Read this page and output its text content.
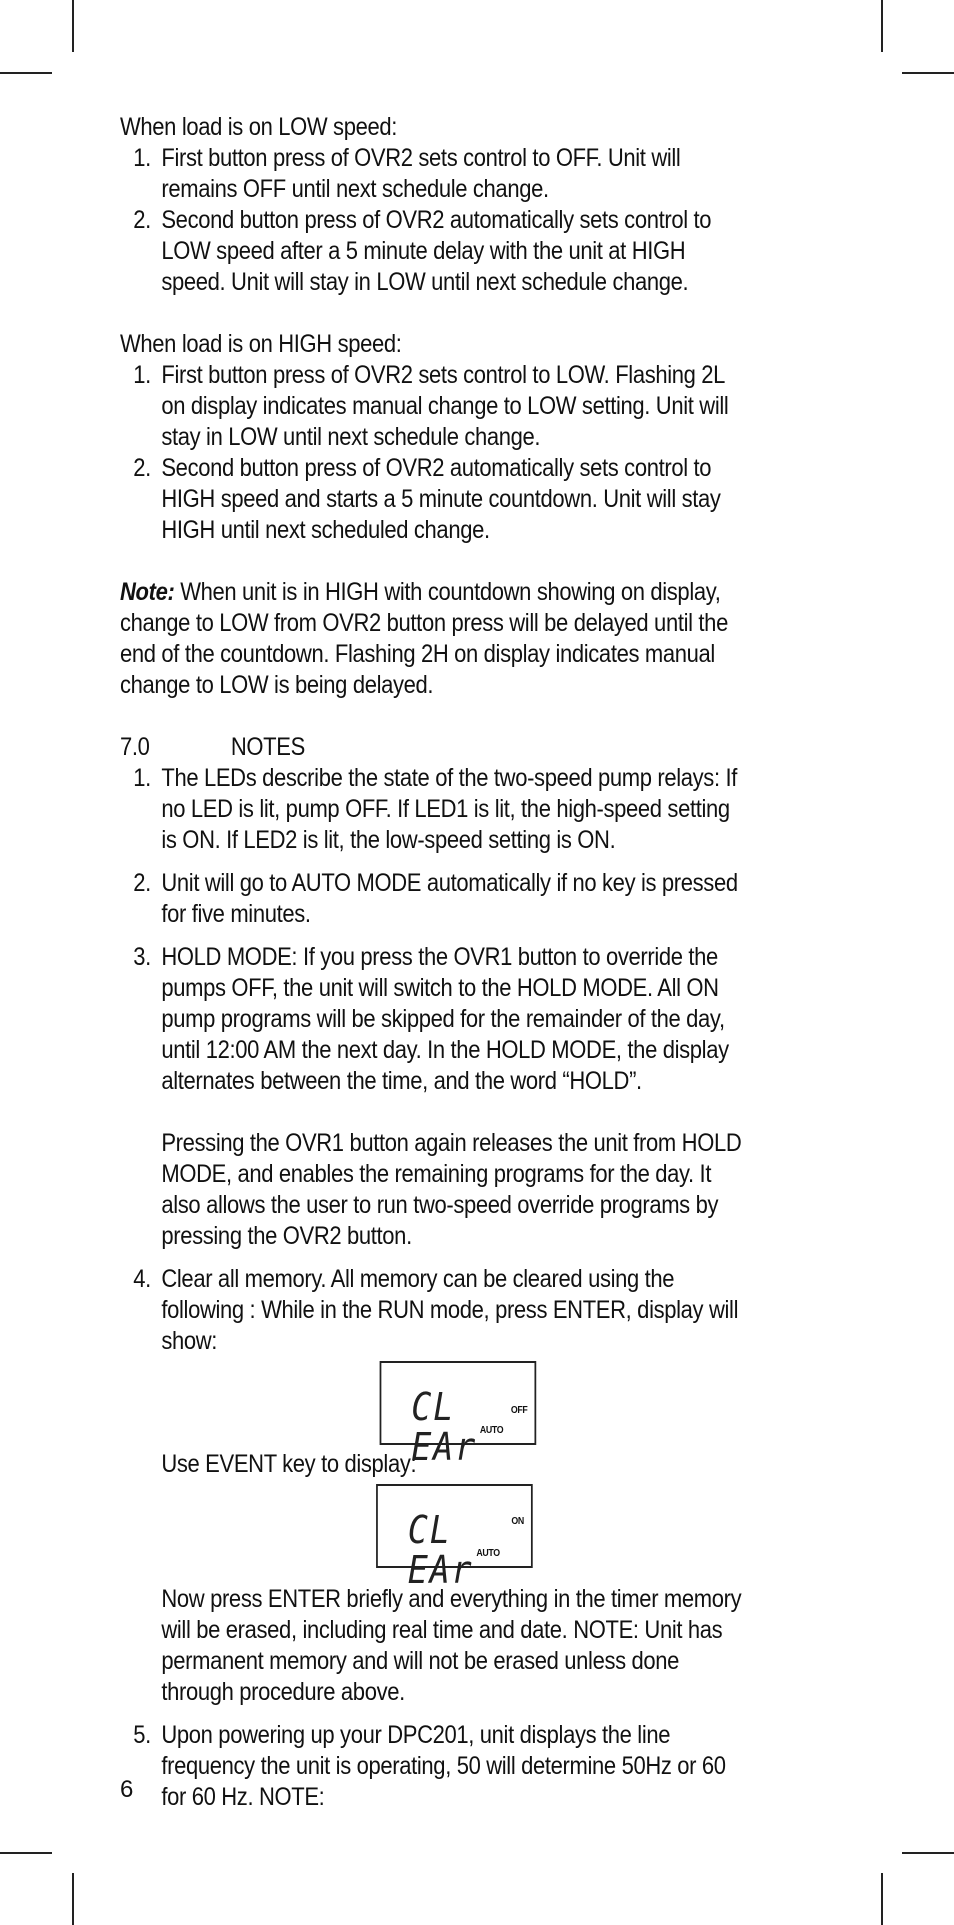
When load is on LOW speed:

1. First button press of OVR2 sets control to OFF. Unit will remains OFF until next schedule change.
2. Second button press of OVR2 automatically sets control to LOW speed after a 5 minute delay with the unit at HIGH speed. Unit will stay in LOW until next schedule change.

When load is on HIGH speed:

1. First button press of OVR2 sets control to LOW. Flashing 2L on display indicates manual change to LOW setting. Unit will stay in LOW until next schedule change.
2. Second button press of OVR2 automatically sets control to HIGH speed and starts a 5 minute countdown. Unit will stay HIGH until next scheduled change.

Note: When unit is in HIGH with countdown showing on display, change to LOW from OVR2 button press will be delayed until the end of the countdown. Flashing 2H on display indicates manual change to LOW is being delayed.

7.0	NOTES
1. The LEDs describe the state of the two-speed pump relays: If no LED is lit, pump OFF. If LED1 is lit, the high-speed setting is ON. If LED2 is lit, the low-speed setting is ON.
2. Unit will go to AUTO MODE automatically if no key is pressed for five minutes.
3. HOLD MODE: If you press the OVR1 button to override the pumps OFF, the unit will switch to the HOLD MODE. All ON pump programs will be skipped for the remainder of the day, until 12:00 AM the next day. In the HOLD MODE, the display alternates between the time, and the word “HOLD”.

Pressing the OVR1 button again releases the unit from HOLD MODE, and enables the remaining programs for the day. It also allows the user to run two-speed override programs by pressing the OVR2 button.

4. Clear all memory. All memory can be cleared using the following : While in the RUN mode, press ENTER, display will show:
CL EAr
OFF
AUTO

Use EVENT key to display:

CL EAr
ON
AUTO

Now press ENTER briefly and everything in the timer memory will be erased, including real time and date. NOTE: Unit has permanent memory and will not be erased unless done through procedure above.

5. Upon powering up your DPC201, unit displays the line frequency the unit is operating, 50 will determine 50Hz or 60 for 60 Hz. NOTE:
6
